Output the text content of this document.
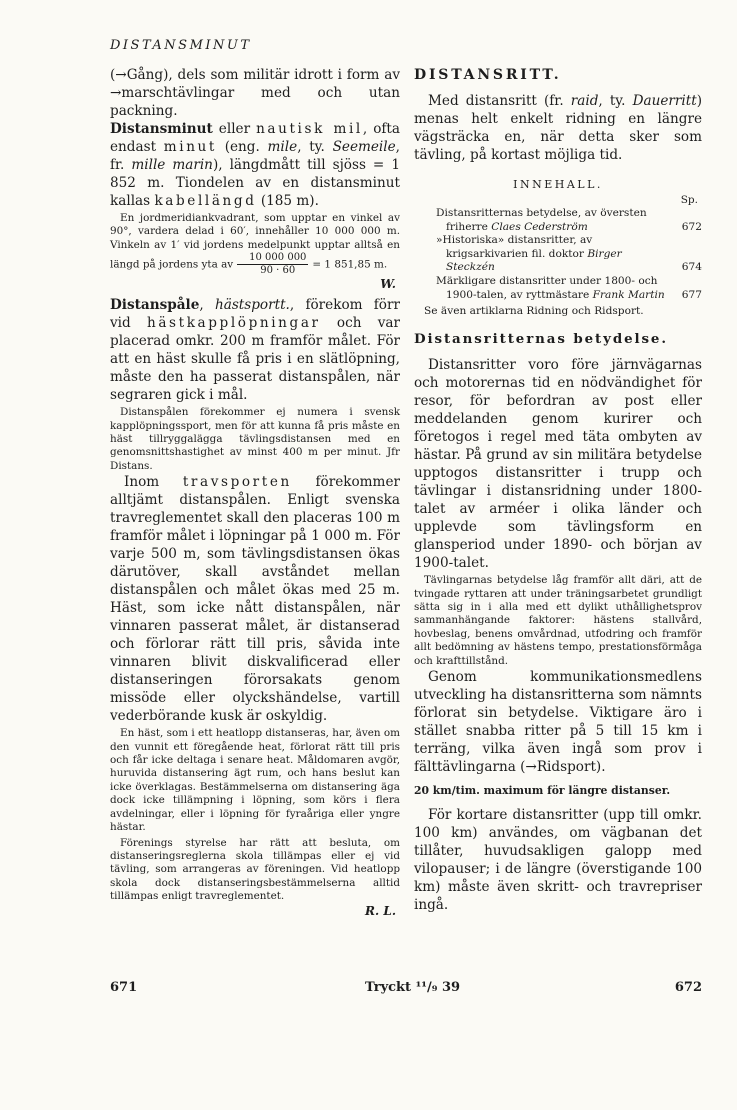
DISTANSMINUT

(→Gång), dels som militär idrott i form av →marschtävlingar med och utan packning.

Distansminut eller nautisk mil, ofta endast minut (eng. mile, ty. Seemeile, fr. mille marin), längdmått till sjöss = 1 852 m. Tiondelen av en distansminut kallas kabellängd (185 m).

En jordmeridiankvadrant, som upptar en vinkel av 90°, vardera delad i 60′, innehåller 10 000 000 m. Vinkeln av 1′ vid jordens medelpunkt upptar alltså en längd på jordens yta av $\frac{10 000 000}{90 \cdot 60} = 1$ 851,85 m.

W.

Distanspåle, hästsportt., förekom förr vid hästkapplöpningar och var placerad omkr. 200 m framför målet. För att en häst skulle få pris i en slätlöpning, måste den ha passerat distanspålen, när segraren gick i mål.

Distanspålen förekommer ej numera i svensk kapplöpningssport, men för att kunna få pris måste en häst tillryggalägga tävlingsdistansen med en genomsnittshastighet av minst 400 m per minut. Jfr Distans.

Inom travsporten förekommer alltjämt distanspålen. Enligt svenska travreglementet skall den placeras 100 m framför målet i löpningar på 1 000 m. För varje 500 m, som tävlingsdistansen ökas därutöver, skall avståndet mellan distanspålen och målet ökas med 25 m. Häst, som icke nått distanspålen, när vinnaren passerat målet, är distanserad och förlorar rätt till pris, såvida inte vinnaren blivit diskvalificerad eller distanseringen förorsakats genom missöde eller olyckshändelse, vartill vederbörande kusk är oskyldig.

En häst, som i ett heatlopp distanseras, har, även om den vunnit ett föregående heat, förlorat rätt till pris och får icke deltaga i senare heat. Måldomaren avgör, huruvida distansering ägt rum, och hans beslut kan icke överklagas. Bestämmelserna om distansering äga dock icke tillämpning i löpning, som körs i flera avdelningar, eller i löpning för fyraåriga eller yngre hästar.

Förenings styrelse har rätt att besluta, om distanseringsreglerna skola tillämpas eller ej vid tävling, som arrangeras av föreningen. Vid heatlopp skola dock distanseringsbestämmelserna alltid tillämpas enligt travreglementet.

R. L.

DISTANSRITT.

Med distansritt (fr. raid, ty. Dauerritt) menas helt enkelt ridning en längre vägsträcka en, när detta sker som tävling, på kortast möjliga tid.

INNEHALL.

Sp.

Distansritternas betydelse, av översten friherre Claes Cederström	672
»Historiska» distansritter, av krigsarkivarien fil. doktor Birger Steckzén	674
Märkligare distansritter under 1800- och 1900-talen, av ryttmästare Frank Martin	677

Se även artiklarna Ridning och Ridsport.

Distansritternas betydelse.

Distansritter voro före järnvägarnas och motorernas tid en nödvändighet för resor, för befordran av post eller meddelanden genom kurirer och företogos i regel med täta ombyten av hästar. På grund av sin militära betydelse upptogos distansritter i trupp och tävlingar i distansridning under 1800-talet av arméer i olika länder och upplevde som tävlingsform en glansperiod under 1890- och början av 1900-talet.

Tävlingarnas betydelse låg framför allt däri, att de tvingade ryttaren att under träningsarbetet grundligt sätta sig in i alla med ett dylikt uthållighetsprov sammanhängande faktorer: hästens stallvård, hovbeslag, benens omvårdnad, utfodring och framför allt bedömning av hästens tempo, prestationsförmåga och krafttillstånd.

Genom kommunikationsmedlens utveckling ha distansritterna som nämnts förlorat sin betydelse. Viktigare äro i stället snabba ritter på 5 till 15 km i terräng, vilka även ingå som prov i fälttävlingarna (→Ridsport).

20 km/tim. maximum för längre distanser.

För kortare distansritter (upp till omkr. 100 km) användes, om vägbanan det tillåter, huvudsakligen galopp med vilopauser; i de längre (överstigande 100 km) måste även skritt- och travrepriser ingå.

671	Tryckt ¹¹/₉ 39	672
